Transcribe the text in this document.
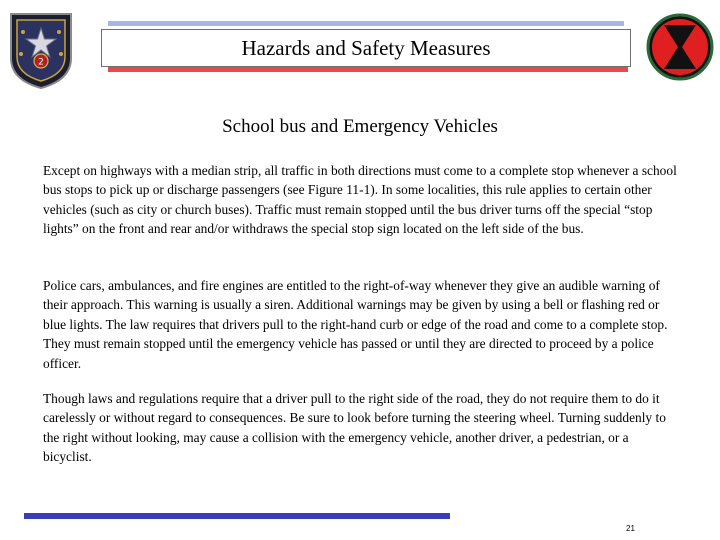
2
Hazards and Safety Measures
School bus and Emergency Vehicles

Except on highways with a median strip, all traffic in both directions must come to a complete stop whenever a school bus stops to pick up or discharge passengers (see Figure 11-1). In some localities, this rule applies to certain other vehicles (such as city or church buses). Traffic must remain stopped until the bus driver turns off the special “stop lights” on the front and rear and/or withdraws the special stop sign located on the left side of the bus.

Police cars, ambulances, and fire engines are entitled to the right-of-way whenever they give an audible warning of their approach. This warning is usually a siren. Additional warnings may be given by using a bell or flashing red or blue lights. The law requires that drivers pull to the right-hand curb or edge of the road and come to a complete stop. They must remain stopped until the emergency vehicle has passed or until they are directed to proceed by a police officer.

Though laws and regulations require that a driver pull to the right side of the road, they do not require them to do it carelessly or without regard to consequences. Be sure to look before turning the steering wheel. Turning suddenly to the right without looking, may cause a collision with the emergency vehicle, another driver, a pedestrian, or a bicyclist.

21
